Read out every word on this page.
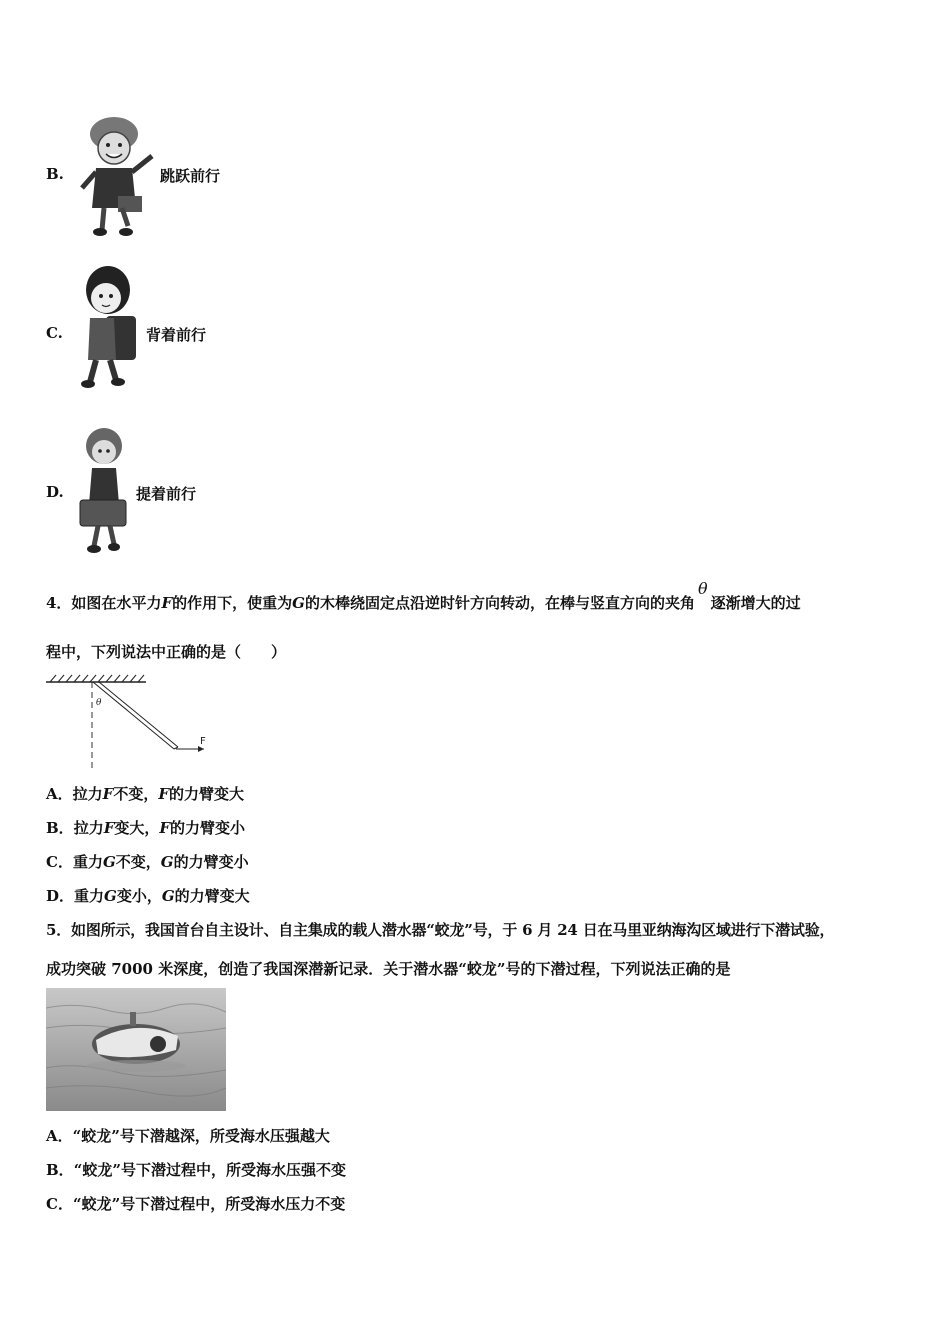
B.	跳跃前行
C.	背着前行
D.	提着前行
4．如图在水平力F的作用下，使重为G的木棒绕固定点沿逆时针方向转动，在棒与竖直方向的夹角θ逐渐增大的过
程中，下列说法中正确的是（　　）
θ
F
A．拉力F不变，F的力臂变大
B．拉力F变大，F的力臂变小
C．重力G不变，G的力臂变小
D．重力G变小，G的力臂变大
5．如图所示，我国首台自主设计、自主集成的载人潜水器“蛟龙”号，于 6 月 24 日在马里亚纳海沟区域进行下潜试验，
成功突破 7000 米深度，创造了我国深潜新记录．关于潜水器“蛟龙”号的下潜过程，下列说法正确的是
A．“蛟龙”号下潜越深，所受海水压强越大
B．“蛟龙”号下潜过程中，所受海水压强不变
C．“蛟龙”号下潜过程中，所受海水压力不变
